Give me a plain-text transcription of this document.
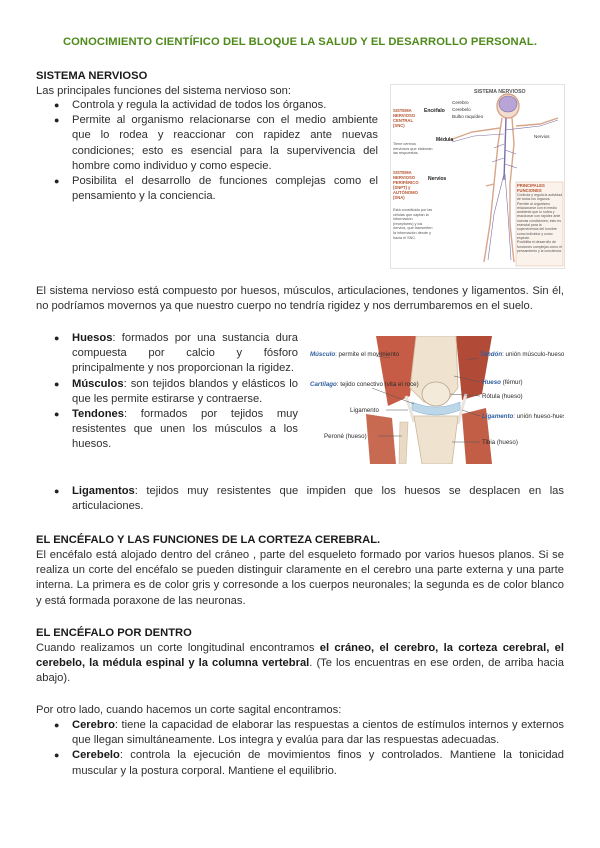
CONOCIMIENTO CIENTÍFICO DEL BLOQUE LA SALUD Y EL DESARROLLO PERSONAL.
SISTEMA NERVIOSO
Las principales funciones del sistema nervioso son:
● Controla y regula la actividad de todos los órganos.
● Permite al organismo relacionarse con el medio ambiente que lo rodea y reaccionar con rapidez ante nuevas condiciones; esto es esencial para la supervivencia del hombre como individuo y como especie.
● Posibilita el desarrollo de funciones complejas como el pensamiento y la conciencia.
SISTEMA NERVIOSO
Cerebro
Cerebelo
Bulbo raquídeo
Encéfalo
Médula
Nervios
Nervios
SISTEMA NERVIOSO CENTRAL (SNC)
Tiene centros nerviosos que elaboran las respuestas.
SISTEMA NERVIOSO PERIFÉRICO (SNPT) y AUTÓNOMO (SNA)
Está constituido por las células que captan la información (receptores) y los nervios, que transmiten la información desde y hacia el SNC.
PRINCIPALES FUNCIONES
Controla y regula la actividad de todos los órganos.
Permite al organismo relacionarse con el medio ambiente que lo rodea y reaccionar con rapidez ante nuevas condiciones; esto es esencial para la supervivencia del hombre como individuo y como especie.
Posibilita el desarrollo de funciones complejas como el pensamiento y la conciencia.
El sistema nervioso está compuesto por huesos, músculos, articulaciones, tendones y ligamentos. Sin él, no podríamos movernos ya que nuestro cuerpo no tendría rigidez y nos derrumbaremos en el suelo.
● Huesos: formados por una sustancia dura compuesta por calcio y fósforo principalmente y nos proporcionan la rigidez.
● Músculos: son tejidos blandos y elásticos lo que les permite estirarse y contraerse.
● Tendones: formados por tejidos muy resistentes que unen los músculos a los huesos.
● Ligamentos: tejidos muy resistentes que impiden que los huesos se desplacen en las articulaciones.
Músculo: permite el movimiento
Cartílago: tejido conectivo (vita el roce)
Ligamento
Peroné (hueso)
Tendón: unión músculo-hueso
Hueso (fémur)
Rótula (hueso)
Ligamento: unión hueso-hueso
Tibia (hueso)
EL ENCÉFALO Y LAS FUNCIONES DE LA CORTEZA CEREBRAL.
El encéfalo está alojado dentro del cráneo , parte del esqueleto formado por varios huesos planos. Si se realiza un corte del encéfalo se pueden distinguir claramente en el cerebro una parte externa y una parte interna. La primera es de color gris y corresonde a los cuerpos neuronales; la segunda es de color blanco y está formada poraxone de las neuronas.
EL ENCÉFALO POR DENTRO
Cuando realizamos un corte longitudinal encontramos el cráneo, el cerebro, la corteza cerebral, el cerebelo, la médula espinal y la columna vertebral. (Te los encuentras en ese orden, de arriba hacia abajo).
Por otro lado, cuando hacemos un corte sagital encontramos:
● Cerebro: tiene la capacidad de elaborar las respuestas a cientos de estímulos internos y externos que llegan simultáneamente. Los integra y evalúa para dar las respuestas adecuadas.
● Cerebelo: controla la ejecución de movimientos finos y controlados. Mantiene la tonicidad muscular y la postura corporal. Mantiene el equilibrio.
